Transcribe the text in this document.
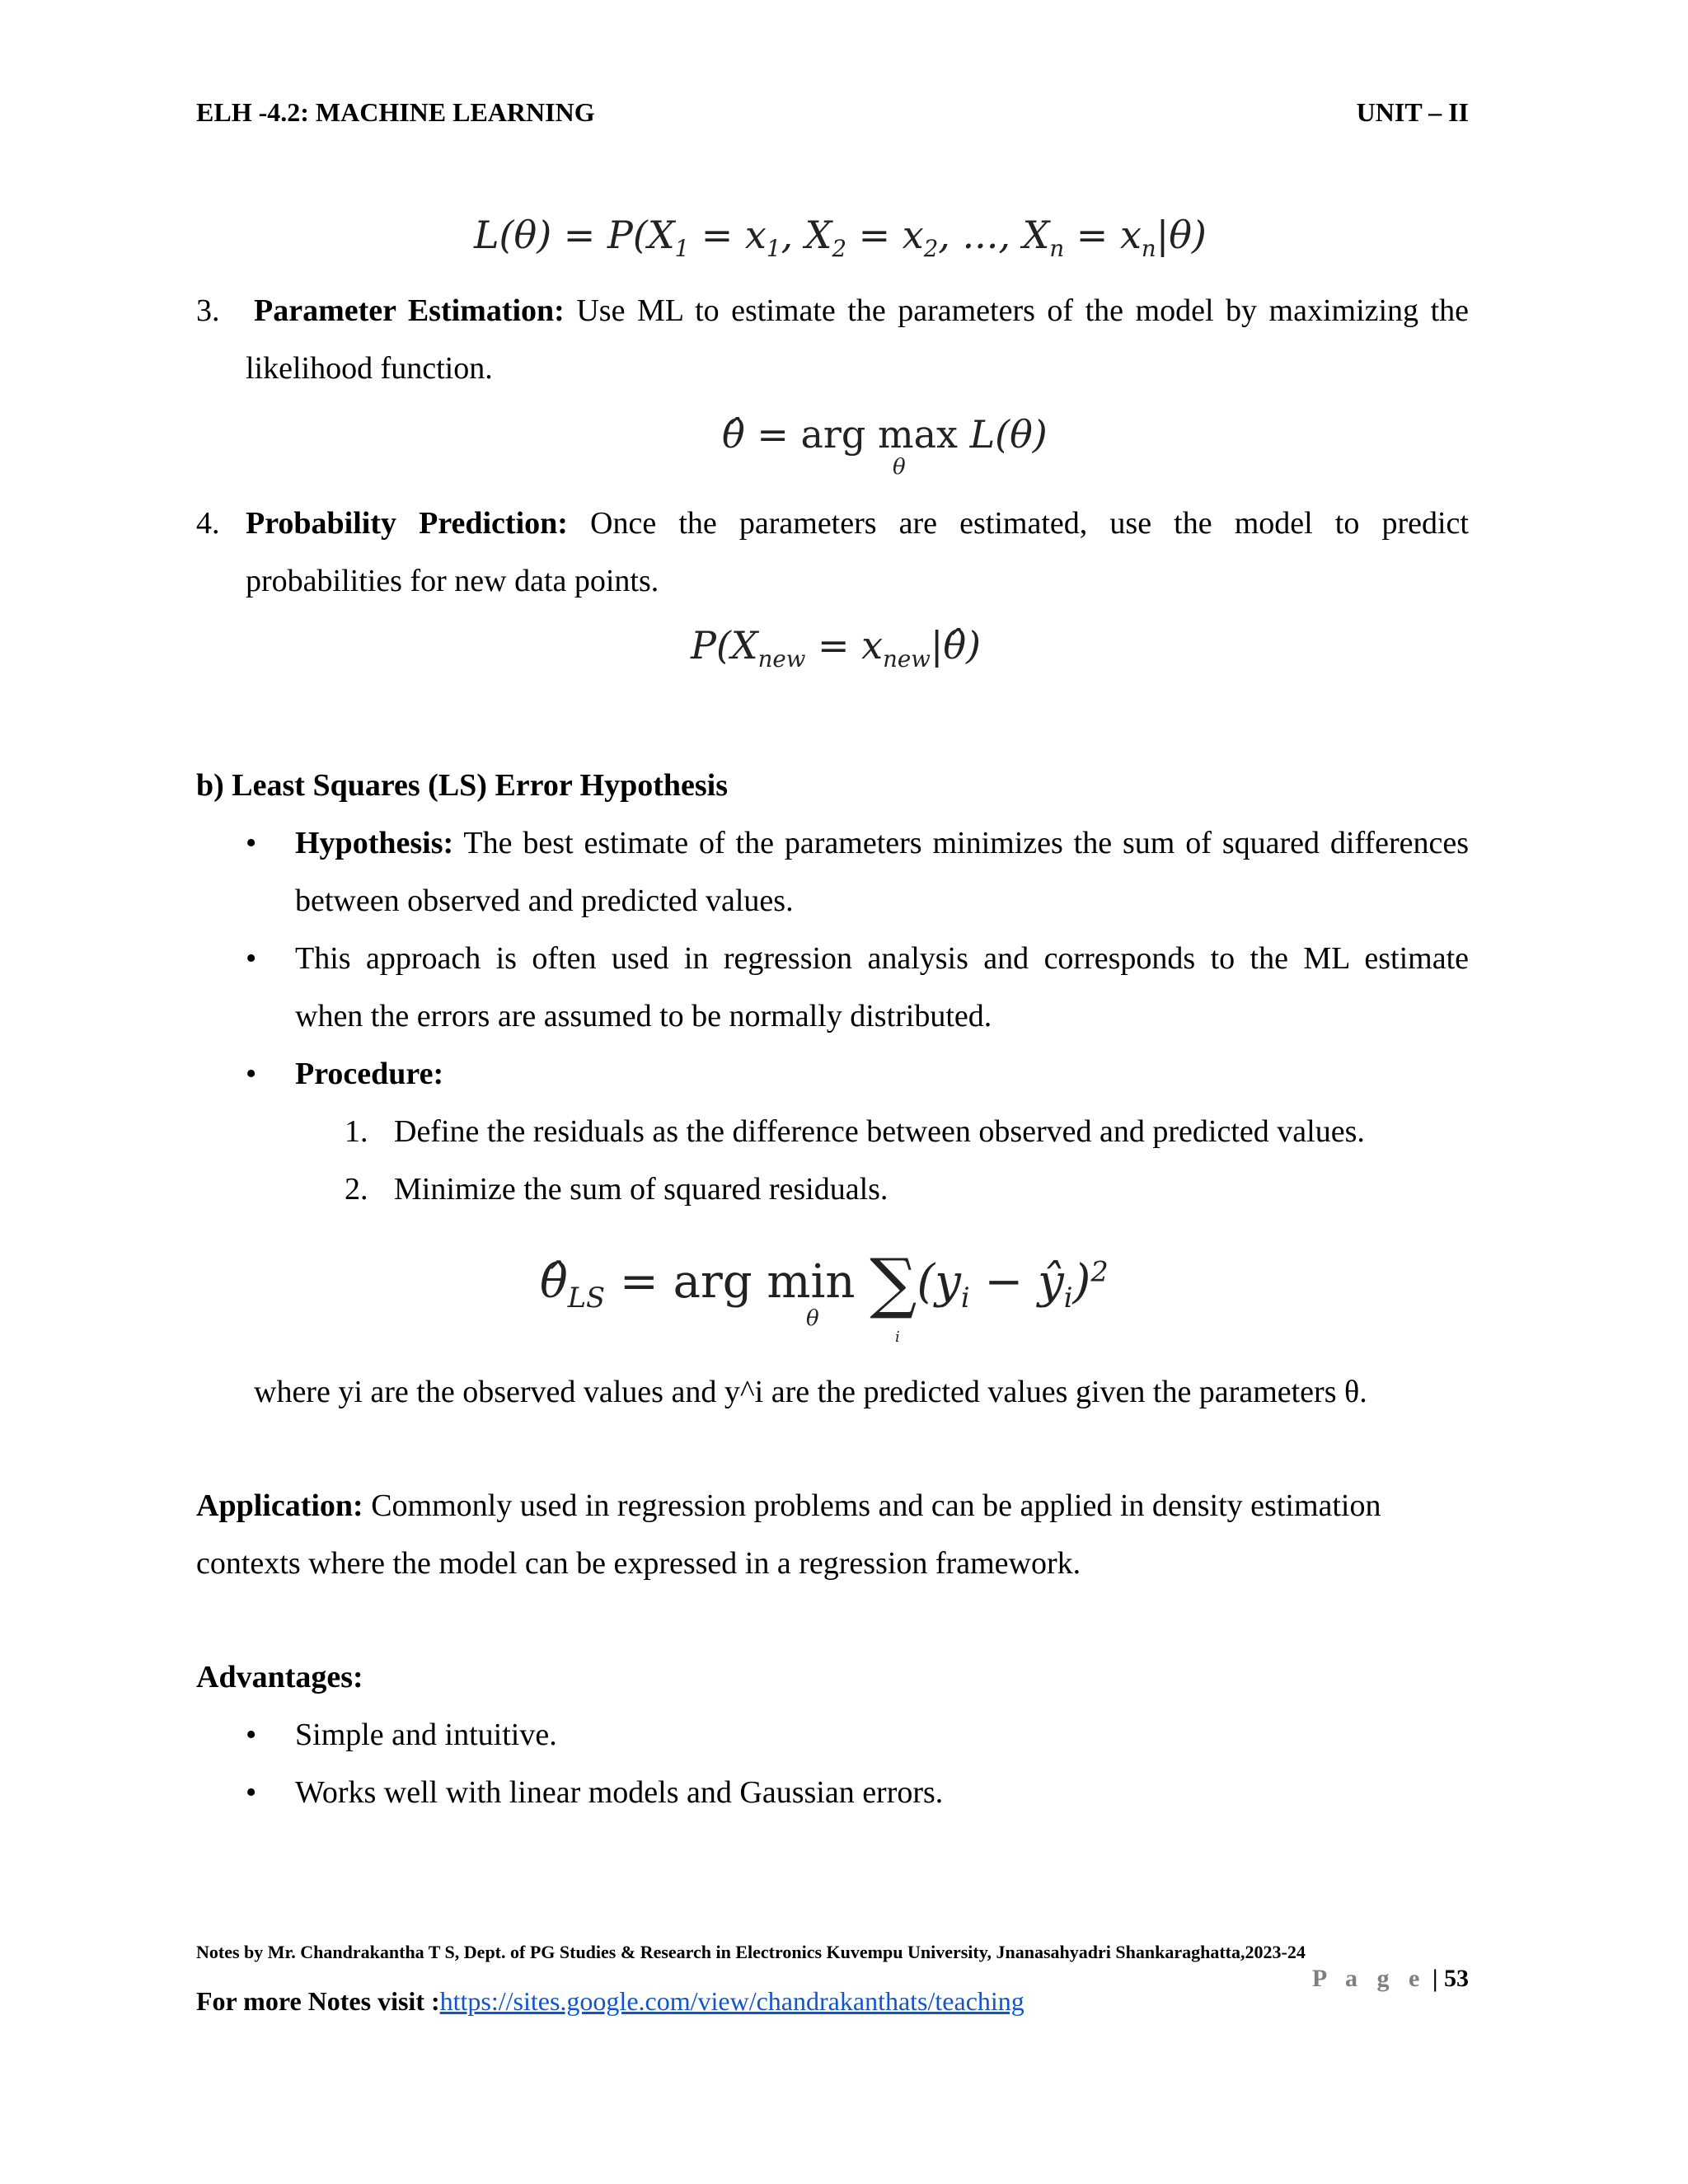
ELH -4.2: MACHINE LEARNING	UNIT – II
$L(\theta) = P(X_1 = x_1$, $X_2 = x_2$, ..., $X_n = x_n|\theta$)
3. Parameter Estimation: Use ML to estimate the parameters of the model by maximizing the
likelihood function.
θ̂ = arg max L(θ)
θ
4. Probability Prediction: Once the parameters are estimated, use the model to predict
probabilities for new data points.
$P(X_{new}$ = $x_{new}|\thetâ$)
b) Least Squares (LS) Error Hypothesis
• Hypothesis: The best estimate of the parameters minimizes the sum of squared differences
between observed and predicted values.
• This approach is often used in regression analysis and corresponds to the ML estimate
when the errors are assumed to be normally distributed.
• Procedure:
1. Define the residuals as the difference between observed and predicted values.
2. Minimize the sum of squared residuals.
$\thetâ_{LS}$ = arg $\min \sum(y_i$ − $ŷ_i)^2$
θ
i
where yi are the observed values and y^i are the predicted values given the parameters θ.
Application: Commonly used in regression problems and can be applied in density estimation
contexts where the model can be expressed in a regression framework.
Advantages:
• Simple and intuitive.
• Works well with linear models and Gaussian errors.
Notes by Mr. Chandrakantha T S, Dept. of PG Studies & Research in Electronics Kuvempu University, Jnanasahyadri Shankaraghatta,2023-24
P a g e | 53
For more Notes visit :https://sites.google.com/view/chandrakanthats/teaching
